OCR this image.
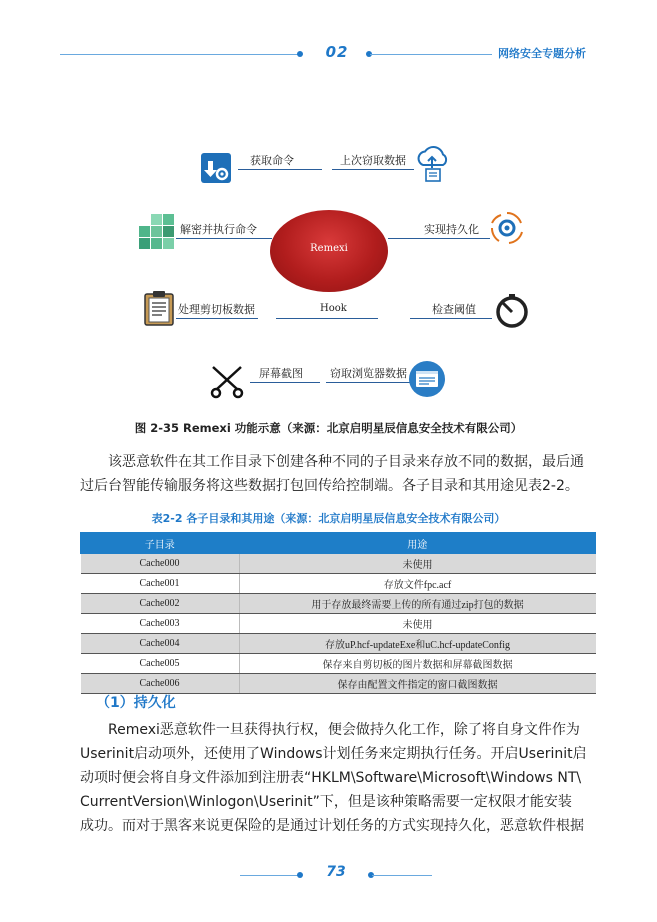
02	网络安全专题分析
Remexi
获取命令	上次窃取数据
解密并执行命令	实现持久化
处理剪切板数据	Hook	检查阈值
屏幕截图 窃取浏览器数据
图 2-35 Remexi 功能示意（来源：北京启明星辰信息安全技术有限公司）
该恶意软件在其工作目录下创建各种不同的子目录来存放不同的数据，最后通
过后台智能传输服务将这些数据打包回传给控制端。各子目录和其用途见表2-2。
表2-2 各子目录和其用途（来源：北京启明星辰信息安全技术有限公司）
子目录	用途
Cache000	未使用
Cache001	存放文件fpc.acf
Cache002	用于存放最终需要上传的所有通过zip打包的数据
Cache003	未使用
Cache004	存放uP.hcf-updateExe和uC.hcf-updateConfig
Cache005	保存来自剪切板的图片数据和屏幕截图数据
Cache006	保存由配置文件指定的窗口截图数据
（1）持久化
Remexi恶意软件一旦获得执行权，便会做持久化工作，除了将自身文件作为
Userinit启动项外，还使用了Windows计划任务来定期执行任务。开启Userinit启
动项时便会将自身文件添加到注册表“HKLM\Software\Microsoft\Windows NT\
CurrentVersion\Winlogon\Userinit”下，但是该种策略需要一定权限才能安装
成功。而对于黑客来说更保险的是通过计划任务的方式实现持久化，恶意软件根据
73
